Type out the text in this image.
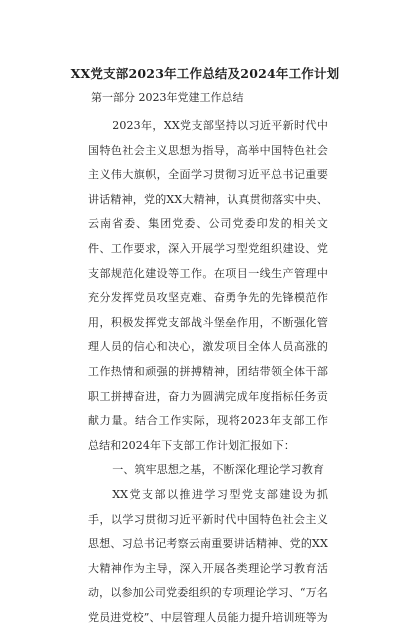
XX党支部2023年工作总结及2024年工作计划

第一部分 2023年党建工作总结

2023年，XX党支部坚持以习近平新时代中国特色社会主义思想为指导，高举中国特色社会主义伟大旗帜，全面学习贯彻习近平总书记重要讲话精神，党的XX大精神，认真贯彻落实中央、云南省委、集团党委、公司党委印发的相关文件、工作要求，深入开展学习型党组织建设、党支部规范化建设等工作。在项目一线生产管理中充分发挥党员攻坚克难、奋勇争先的先锋模范作用，积极发挥党支部战斗堡垒作用，不断强化管理人员的信心和决心，激发项目全体人员高涨的工作热情和顽强的拼搏精神，团结带领全体干部职工拼搏奋进，奋力为圆满完成年度指标任务贡献力量。结合工作实际，现将2023年支部工作总结和2024年下支部工作计划汇报如下：

一、筑牢思想之基，不断深化理论学习教育

XX党支部以推进学习型党支部建设为抓手，以学习贯彻习近平新时代中国特色社会主义思想、习总书记考察云南重要讲话精神、党的XX大精神作为主导，深入开展各类理论学习教育活动，以参加公司党委组织的专项理论学习、“万名党员进党校”、中层管理人员能力提升培训班等为
